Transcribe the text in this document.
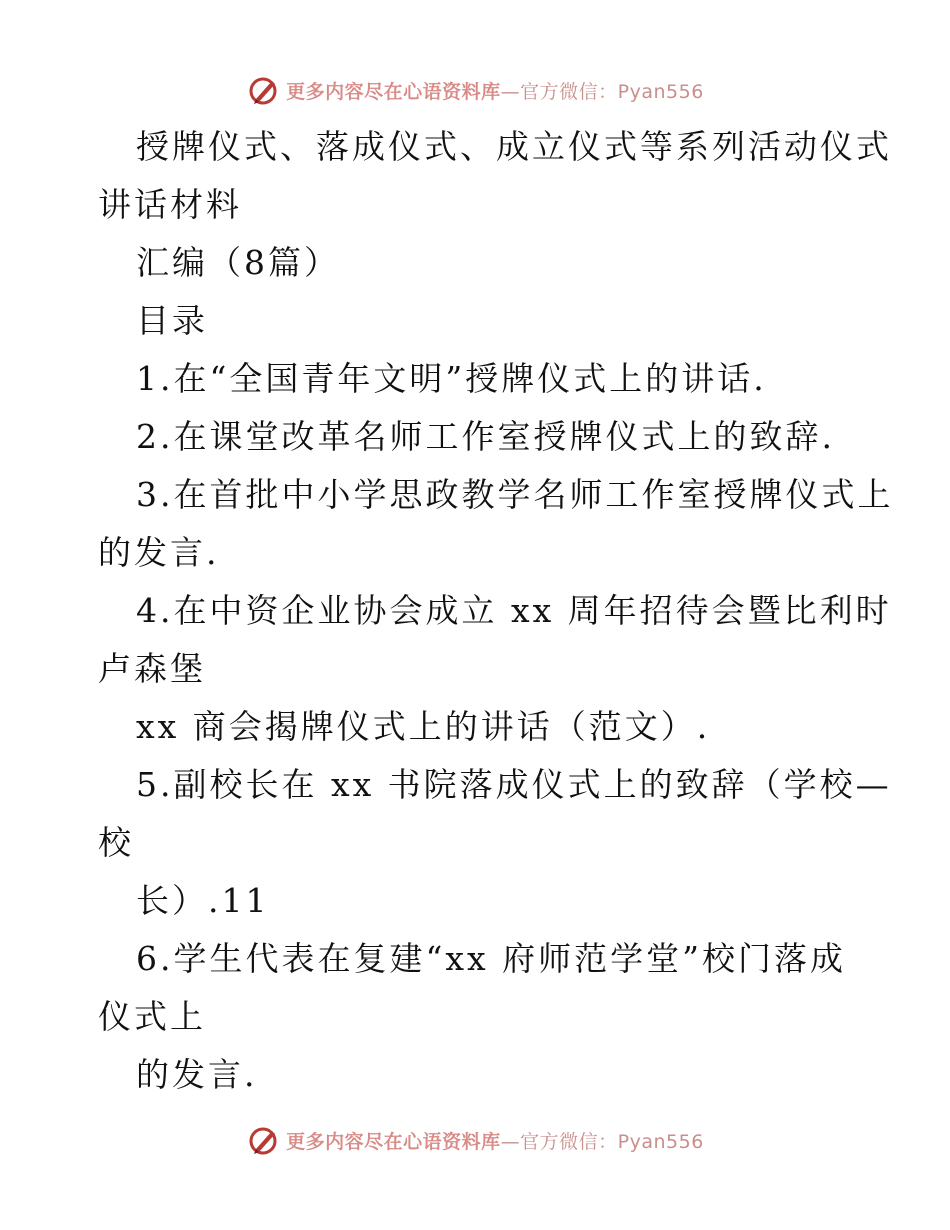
更多内容尽在心语资料库—官方微信：Pyan556
授牌仪式、落成仪式、成立仪式等系列活动仪式
讲话材料
汇编（8篇）
目录
1.在“全国青年文明”授牌仪式上的讲话.
2.在课堂改革名师工作室授牌仪式上的致辞.
3.在首批中小学思政教学名师工作室授牌仪式上
的发言.
4.在中资企业协会成立 xx 周年招待会暨比利时
卢森堡
xx 商会揭牌仪式上的讲话（范文）.
5.副校长在 xx 书院落成仪式上的致辞（学校—
校
长）.11
6.学生代表在复建“xx 府师范学堂”校门落成
仪式上
的发言.
更多内容尽在心语资料库—官方微信：Pyan556
